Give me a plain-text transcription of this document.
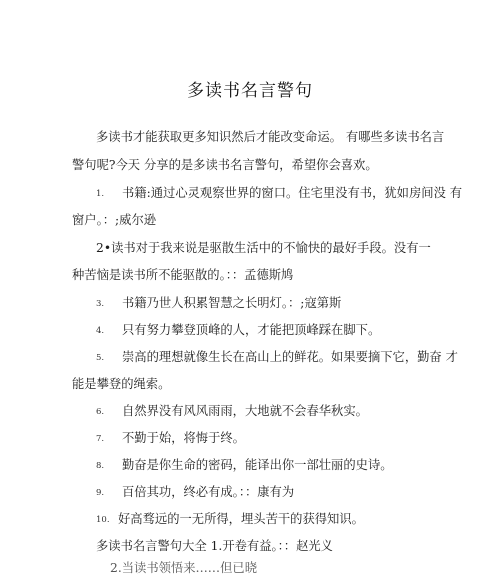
多读书名言警句
多读书才能获取更多知识然后才能改变命运。 有哪些多读书名言
警句呢?今天 分享的是多读书名言警句，希望你会喜欢。
1. 书籍:通过心灵观察世界的窗口。住宅里没有书，犹如房间没 有
窗户。：;威尔逊
2•读书对于我来说是驱散生活中的不愉快的最好手段。没有一
种苦恼是读书所不能驱散的。：：孟德斯鸠
3. 书籍乃世人积累智慧之长明灯。：;寇第斯
4. 只有努力攀登顶峰的人，才能把顶峰踩在脚下。
5. 崇高的理想就像生长在高山上的鲜花。如果要摘下它，勤奋 才
能是攀登的绳索。
6. 自然界没有风风雨雨，大地就不会春华秋实。
7. 不勤于始，将悔于终。
8. 勤奋是你生命的密码，能译出你一部壮丽的史诗。
9. 百倍其功，终必有成。：：康有为
10. 好高骛远的一无所得，埋头苦干的获得知识。
多读书名言警句大全 1.开卷有益。：：赵光义
2.当读书领悟来……但已晓
